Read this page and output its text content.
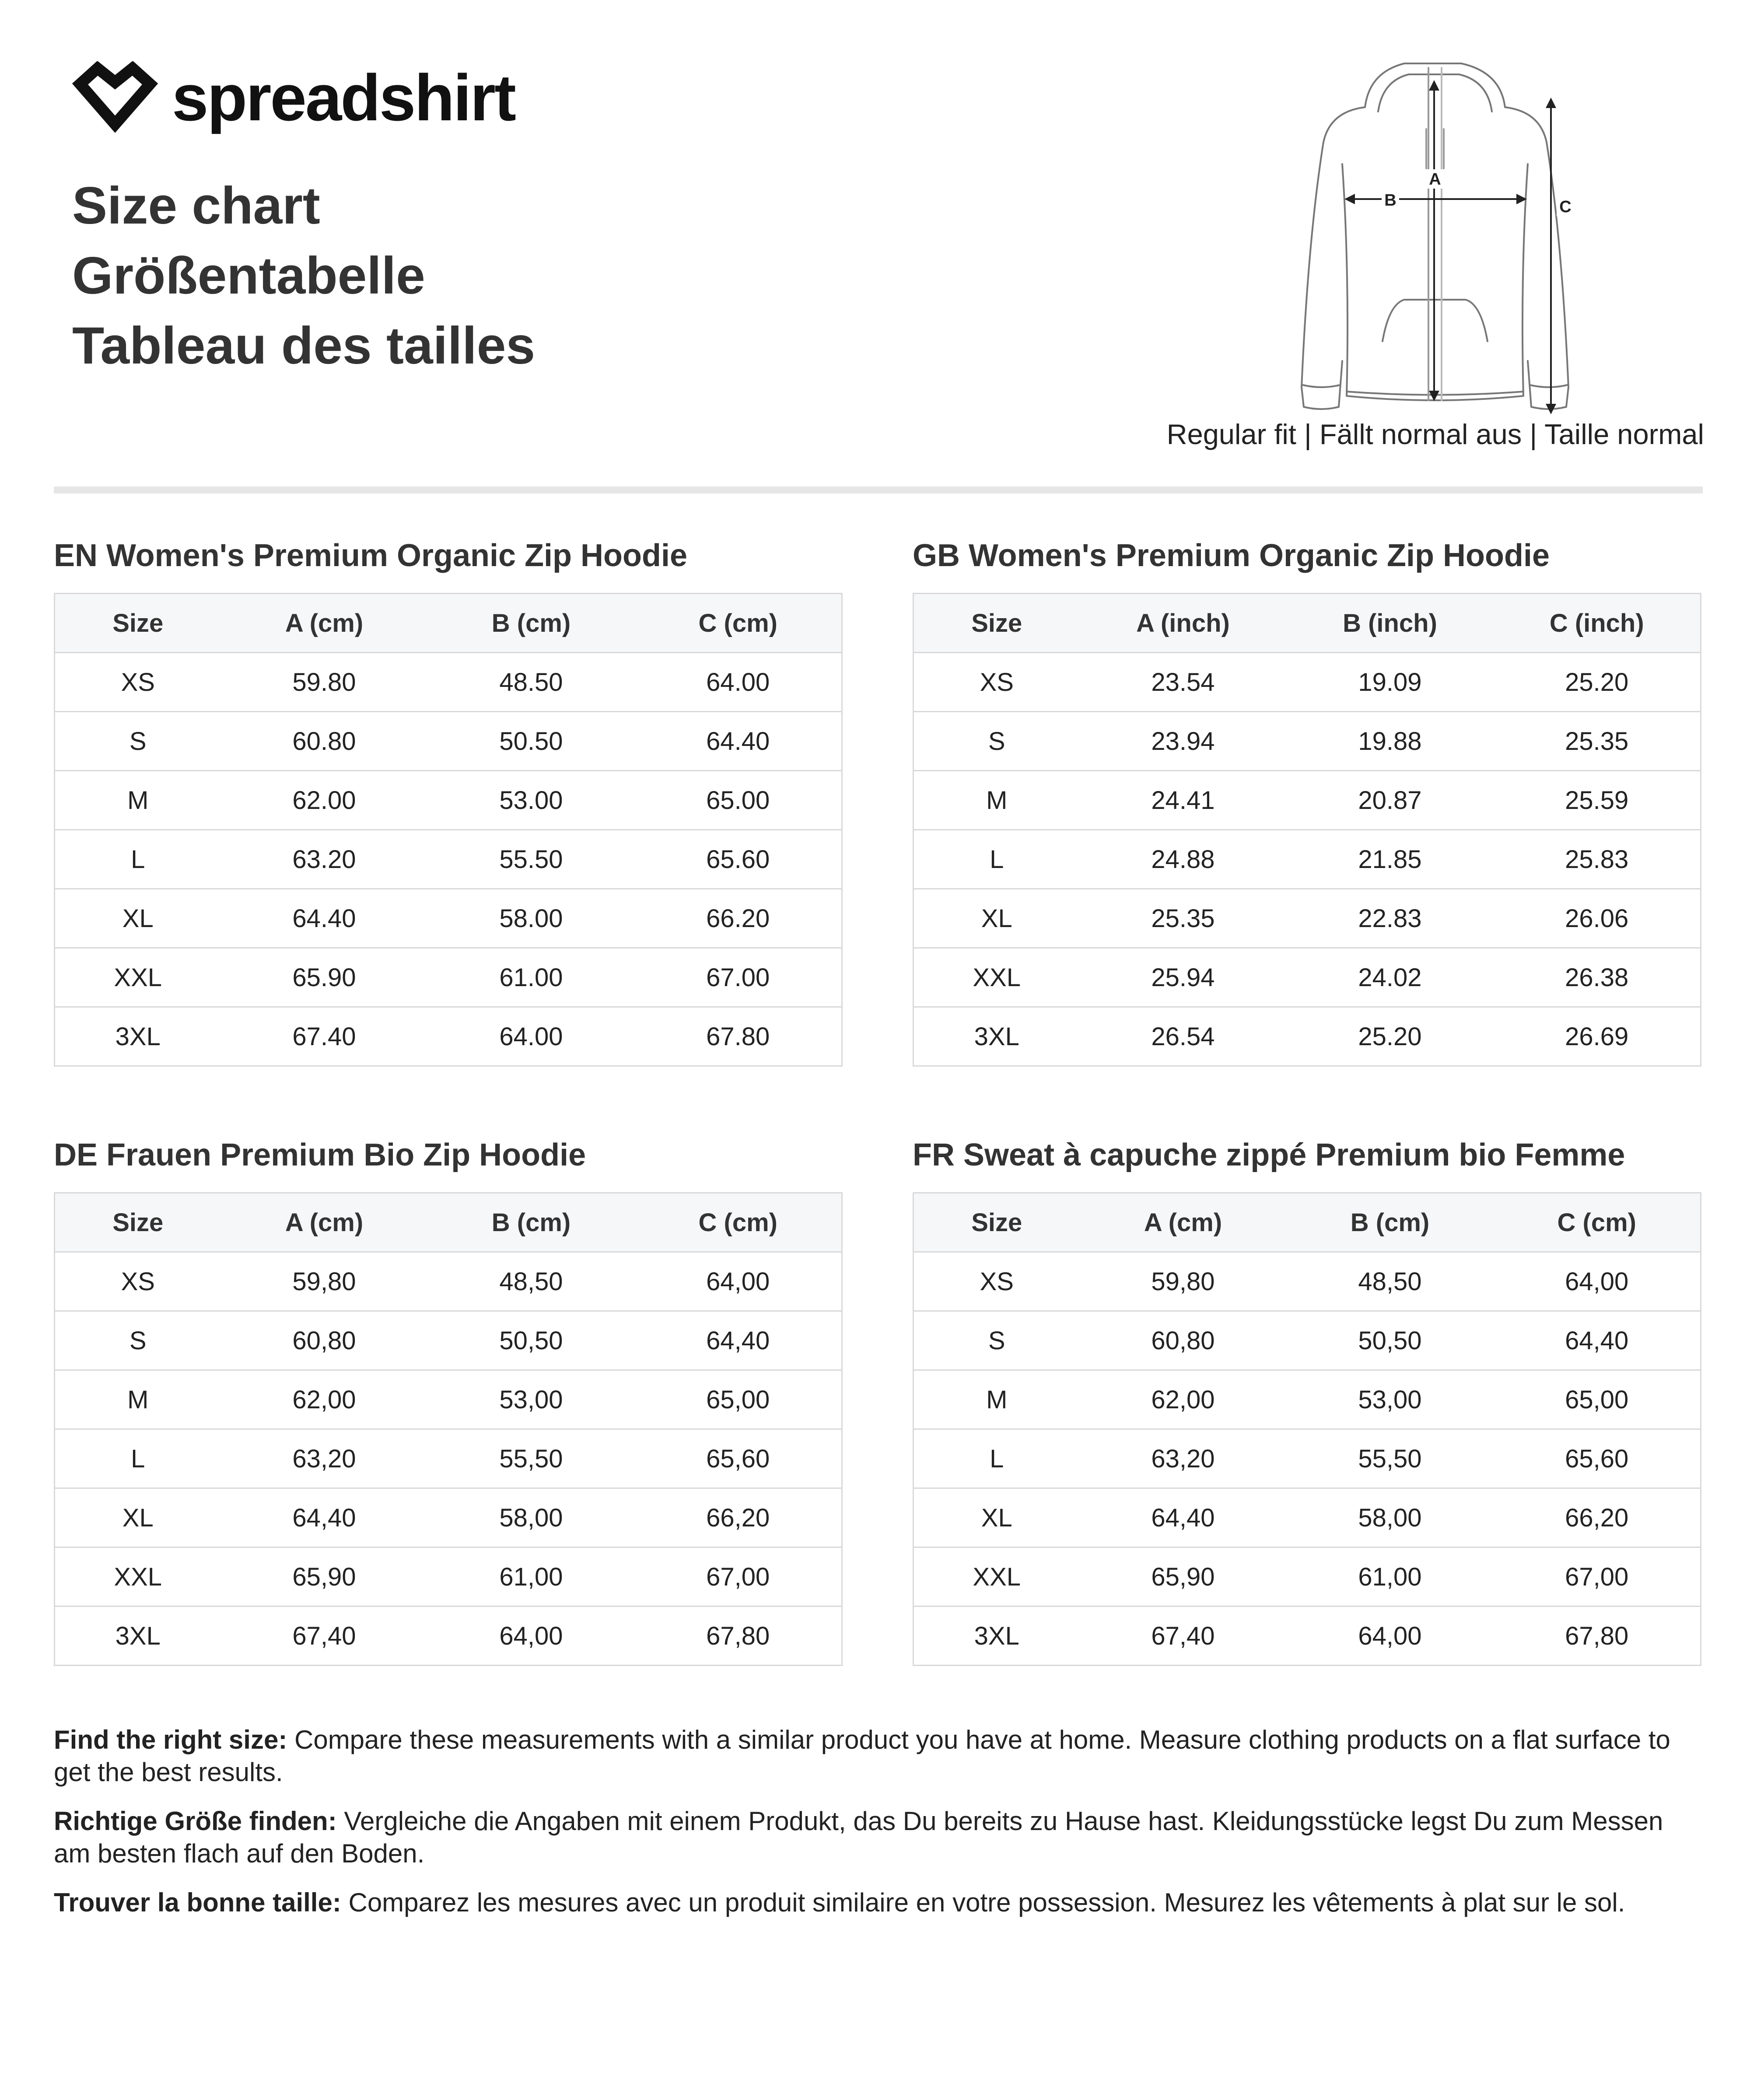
spreadshirt
Size chart
Größentabelle
Tableau des tailles
A
B	C
Regular fit | Fällt normal aus | Taille normal
EN Women's Premium Organic Zip Hoodie
Size	A (cm)	B (cm)	C (cm)
XS	59.80	48.50	64.00
S	60.80	50.50	64.40
M	62.00	53.00	65.00
L	63.20	55.50	65.60
XL	64.40	58.00	66.20
XXL	65.90	61.00	67.00
3XL	67.40	64.00	67.80
GB Women's Premium Organic Zip Hoodie
Size	A (inch)	B (inch)	C (inch)
XS	23.54	19.09	25.20
S	23.94	19.88	25.35
M	24.41	20.87	25.59
L	24.88	21.85	25.83
XL	25.35	22.83	26.06
XXL	25.94	24.02	26.38
3XL	26.54	25.20	26.69
DE Frauen Premium Bio Zip Hoodie
Size	A (cm)	B (cm)	C (cm)
XS	59,80	48,50	64,00
S	60,80	50,50	64,40
M	62,00	53,00	65,00
L	63,20	55,50	65,60
XL	64,40	58,00	66,20
XXL	65,90	61,00	67,00
3XL	67,40	64,00	67,80
FR Sweat à capuche zippé Premium bio Femme
Size	A (cm)	B (cm)	C (cm)
XS	59,80	48,50	64,00
S	60,80	50,50	64,40
M	62,00	53,00	65,00
L	63,20	55,50	65,60
XL	64,40	58,00	66,20
XXL	65,90	61,00	67,00
3XL	67,40	64,00	67,80

Find the right size: Compare these measurements with a similar product you have at home. Measure clothing products on a flat surface to get the best results.

Richtige Größe finden: Vergleiche die Angaben mit einem Produkt, das Du bereits zu Hause hast. Kleidungsstücke legst Du zum Messen am besten flach auf den Boden.

Trouver la bonne taille: Comparez les mesures avec un produit similaire en votre possession. Mesurez les vêtements à plat sur le sol.
